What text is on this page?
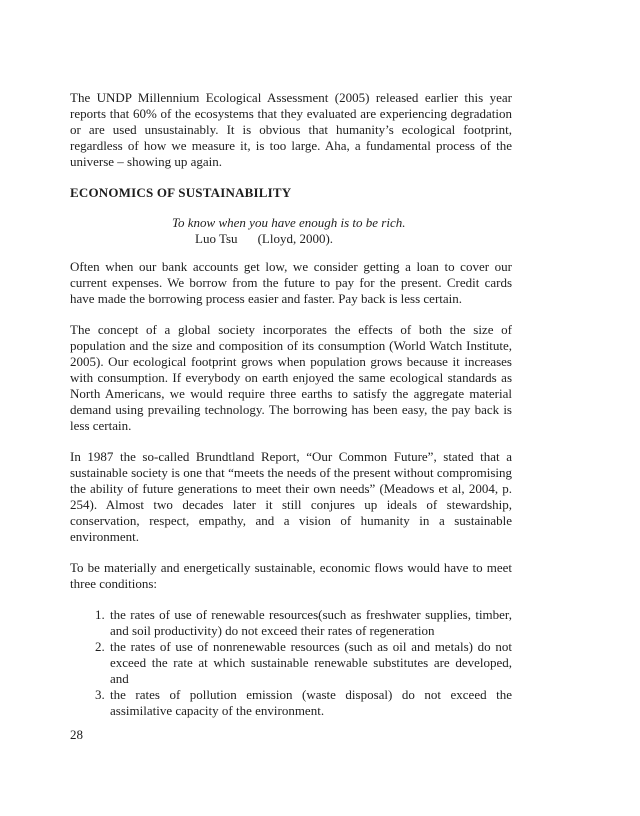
The UNDP Millennium Ecological Assessment (2005) released earlier this year reports that 60% of the ecosystems that they evaluated are experiencing degradation or are used unsustainably. It is obvious that humanity’s ecological footprint, regardless of how we measure it, is too large. Aha, a fundamental process of the universe – showing up again.

ECONOMICS OF SUSTAINABILITY
To know when you have enough is to be rich.
Luo Tsu (Lloyd, 2000).

Often when our bank accounts get low, we consider getting a loan to cover our current expenses. We borrow from the future to pay for the present. Credit cards have made the borrowing process easier and faster. Pay back is less certain.

The concept of a global society incorporates the effects of both the size of population and the size and composition of its consumption (World Watch Institute, 2005). Our ecological footprint grows when population grows because it increases with consumption. If everybody on earth enjoyed the same ecological standards as North Americans, we would require three earths to satisfy the aggregate material demand using prevailing technology. The borrowing has been easy, the pay back is less certain.

In 1987 the so-called Brundtland Report, “Our Common Future”, stated that a sustainable society is one that “meets the needs of the present without compromising the ability of future generations to meet their own needs” (Meadows et al, 2004, p. 254). Almost two decades later it still conjures up ideals of stewardship, conservation, respect, empathy, and a vision of humanity in a sustainable environment.

To be materially and energetically sustainable, economic flows would have to meet three conditions:

1. the rates of use of renewable resources(such as freshwater supplies, timber, and soil productivity) do not exceed their rates of regeneration
2. the rates of use of nonrenewable resources (such as oil and metals) do not exceed the rate at which sustainable renewable substitutes are developed, and
3. the rates of pollution emission (waste disposal) do not exceed the assimilative capacity of the environment.
28
